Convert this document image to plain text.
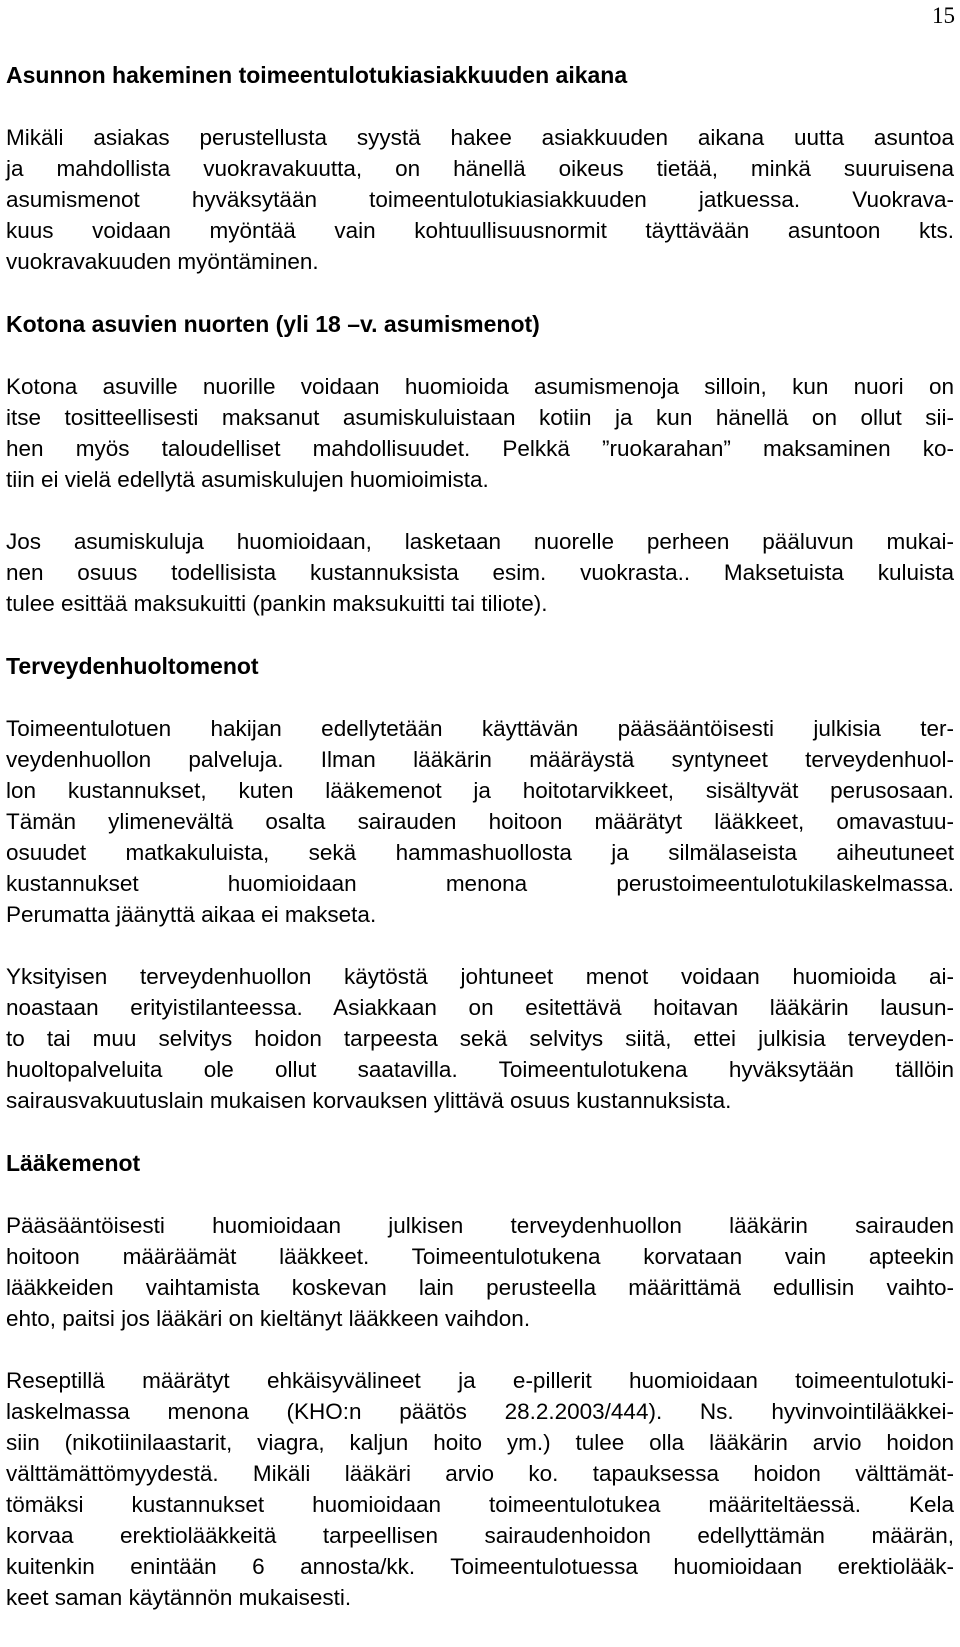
15
Asunnon hakeminen toimeentulotukiasiakkuuden aikana

Mikäli asiakas perustellusta syystä hakee asiakkuuden aikana uutta asuntoa
ja mahdollista vuokravakuutta, on hänellä oikeus tietää, minkä suuruisena
asumismenot hyväksytään toimeentulotukiasiakkuuden jatkuessa. Vuokrava-
kuus voidaan myöntää vain kohtuullisuusnormit täyttävään asuntoon kts.
vuokravakuuden myöntäminen.

Kotona asuvien nuorten (yli 18 –v. asumismenot)

Kotona asuville nuorille voidaan huomioida asumismenoja silloin, kun nuori on
itse tositteellisesti maksanut asumiskuluistaan kotiin ja kun hänellä on ollut sii-
hen myös taloudelliset mahdollisuudet. Pelkkä ”ruokarahan” maksaminen ko-
tiin ei vielä edellytä asumiskulujen huomioimista.

Jos asumiskuluja huomioidaan, lasketaan nuorelle perheen pääluvun mukai-
nen osuus todellisista kustannuksista esim. vuokrasta.. Maksetuista kuluista
tulee esittää maksukuitti (pankin maksukuitti tai tiliote).

Terveydenhuoltomenot

Toimeentulotuen hakijan edellytetään käyttävän pääsääntöisesti julkisia ter-
veydenhuollon palveluja. Ilman lääkärin määräystä syntyneet terveydenhuol-
lon kustannukset, kuten lääkemenot ja hoitotarvikkeet, sisältyvät perusosaan.
Tämän ylimenevältä osalta sairauden hoitoon määrätyt lääkkeet, omavastuu-
osuudet matkakuluista, sekä hammashuollosta ja silmälaseista aiheutuneet
kustannukset huomioidaan menona perustoimeentulotukilaskelmassa.
Perumatta jäänyttä aikaa ei makseta.

Yksityisen terveydenhuollon käytöstä johtuneet menot voidaan huomioida ai-
noastaan erityistilanteessa. Asiakkaan on esitettävä hoitavan lääkärin lausun-
to tai muu selvitys hoidon tarpeesta sekä selvitys siitä, ettei julkisia terveyden-
huoltopalveluita ole ollut saatavilla. Toimeentulotukena hyväksytään tällöin
sairausvakuutuslain mukaisen korvauksen ylittävä osuus kustannuksista.

Lääkemenot

Pääsääntöisesti huomioidaan julkisen terveydenhuollon lääkärin sairauden
hoitoon määräämät lääkkeet. Toimeentulotukena korvataan vain apteekin
lääkkeiden vaihtamista koskevan lain perusteella määrittämä edullisin vaihto-
ehto, paitsi jos lääkäri on kieltänyt lääkkeen vaihdon.

Reseptillä määrätyt ehkäisyvälineet ja e-pillerit huomioidaan toimeentulotuki-
laskelmassa menona (KHO:n päätös 28.2.2003/444). Ns. hyvinvointilääkkei-
siin (nikotiinilaastarit, viagra, kaljun hoito ym.) tulee olla lääkärin arvio hoidon
välttämättömyydestä. Mikäli lääkäri arvio ko. tapauksessa hoidon välttämät-
tömäksi kustannukset huomioidaan toimeentulotukea määriteltäessä. Kela
korvaa erektiolääkkeitä tarpeellisen sairaudenhoidon edellyttämän määrän,
kuitenkin enintään 6 annosta/kk. Toimeentulotuessa huomioidaan erektiolääk-
keet saman käytännön mukaisesti.
